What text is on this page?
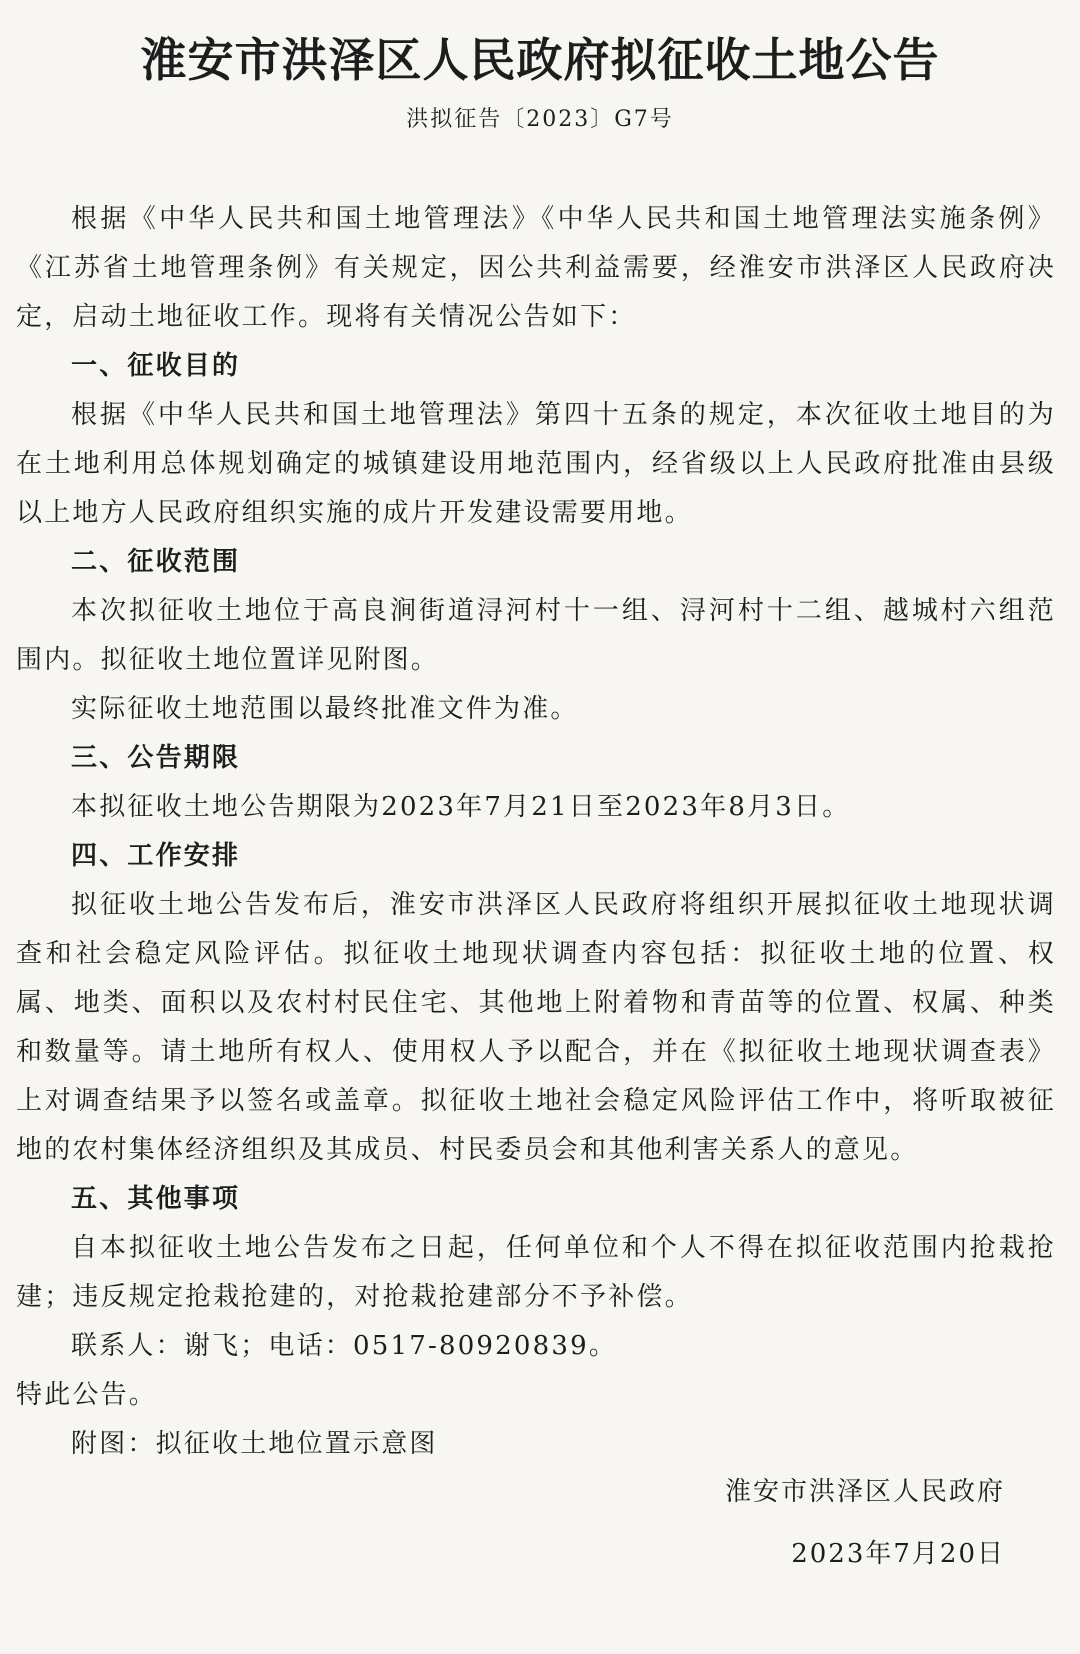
淮安市洪泽区人民政府拟征收土地公告
洪拟征告〔2023〕G7号

根据《中华人民共和国土地管理法》《中华人民共和国土地管理法实施条例》《江苏省土地管理条例》有关规定，因公共利益需要，经淮安市洪泽区人民政府决定，启动土地征收工作。现将有关情况公告如下：

一、征收目的

根据《中华人民共和国土地管理法》第四十五条的规定，本次征收土地目的为在土地利用总体规划确定的城镇建设用地范围内，经省级以上人民政府批准由县级以上地方人民政府组织实施的成片开发建设需要用地。

二、征收范围

本次拟征收土地位于高良涧街道浔河村十一组、浔河村十二组、越城村六组范围内。拟征收土地位置详见附图。

实际征收土地范围以最终批准文件为准。

三、公告期限

本拟征收土地公告期限为2023年7月21日至2023年8月3日。

四、工作安排

拟征收土地公告发布后，淮安市洪泽区人民政府将组织开展拟征收土地现状调查和社会稳定风险评估。拟征收土地现状调查内容包括：拟征收土地的位置、权属、地类、面积以及农村村民住宅、其他地上附着物和青苗等的位置、权属、种类和数量等。请土地所有权人、使用权人予以配合，并在《拟征收土地现状调查表》上对调查结果予以签名或盖章。拟征收土地社会稳定风险评估工作中，将听取被征地的农村集体经济组织及其成员、村民委员会和其他利害关系人的意见。

五、其他事项

自本拟征收土地公告发布之日起，任何单位和个人不得在拟征收范围内抢栽抢建；违反规定抢栽抢建的，对抢栽抢建部分不予补偿。

联系人：谢飞；电话：0517-80920839。

特此公告。

附图：拟征收土地位置示意图

淮安市洪泽区人民政府
2023年7月20日
